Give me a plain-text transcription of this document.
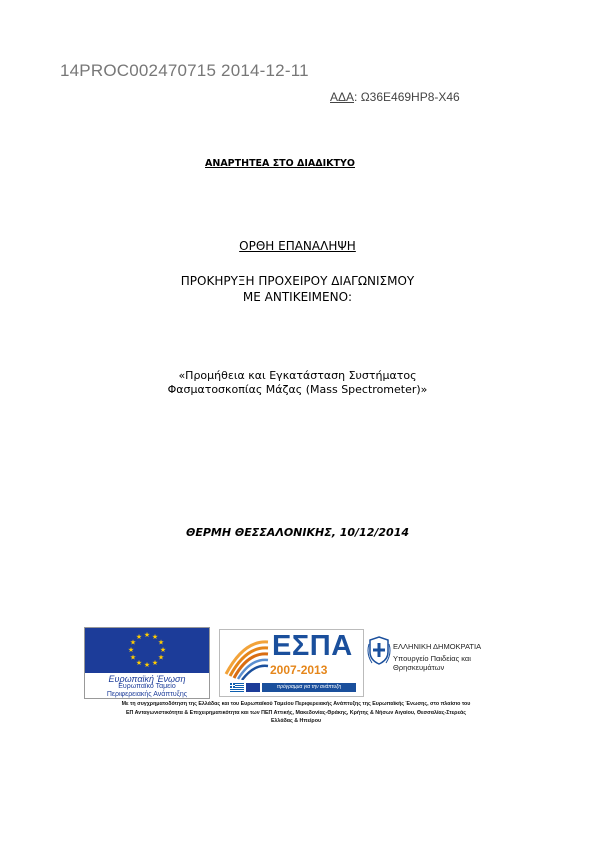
14PROC002470715 2014-12-11
ΑΔΑ: Ω36Ε469ΗΡ8-Χ46
ΑΝΑΡΤΗΤΕΑ ΣΤΟ ΔΙΑΔΙΚΤΥΟ
ΟΡΘΗ ΕΠΑΝΑΛΗΨΗ
ΠΡΟΚΗΡΥΞΗ ΠΡΟΧΕΙΡΟΥ ΔΙΑΓΩΝΙΣΜΟΥ
ΜΕ ΑΝΤΙΚΕΙΜΕΝΟ:
«Προμήθεια και Εγκατάσταση Συστήματος
Φασματοσκοπίας Μάζας (Mass Spectrometer)»
ΘΕΡΜΗ ΘΕΣΣΑΛΟΝΙΚΗΣ, 10/12/2014
★ ★
★
★
★
★
★
★
★
★
★
★
Ευρωπαϊκή Ένωση
Ευρωπαϊκό Ταμείο
Περιφερειακής Ανάπτυξης
ΕΣΠΑ
2007-2013
πρόγραμμα για την ανάπτυξη
ΕΛΛΗΝΙΚΗ ΔΗΜΟΚΡΑΤΙΑ
Υπουργείο Παιδείας και Θρησκευμάτων
Με τη συγχρηματοδότηση της Ελλάδας και του Ευρωπαϊκού Ταμείου Περιφερειακής Ανάπτυξης της Ευρωπαϊκής Ένωσης, στο πλαίσιο του
ΕΠ Ανταγωνιστικότητα & Επιχειρηματικότητα και των ΠΕΠ Αττικής, Μακεδονίας-Θράκης, Κρήτης & Νήσων Αιγαίου, Θεσσαλίας-Στερεάς
Ελλάδας & Ηπείρου
